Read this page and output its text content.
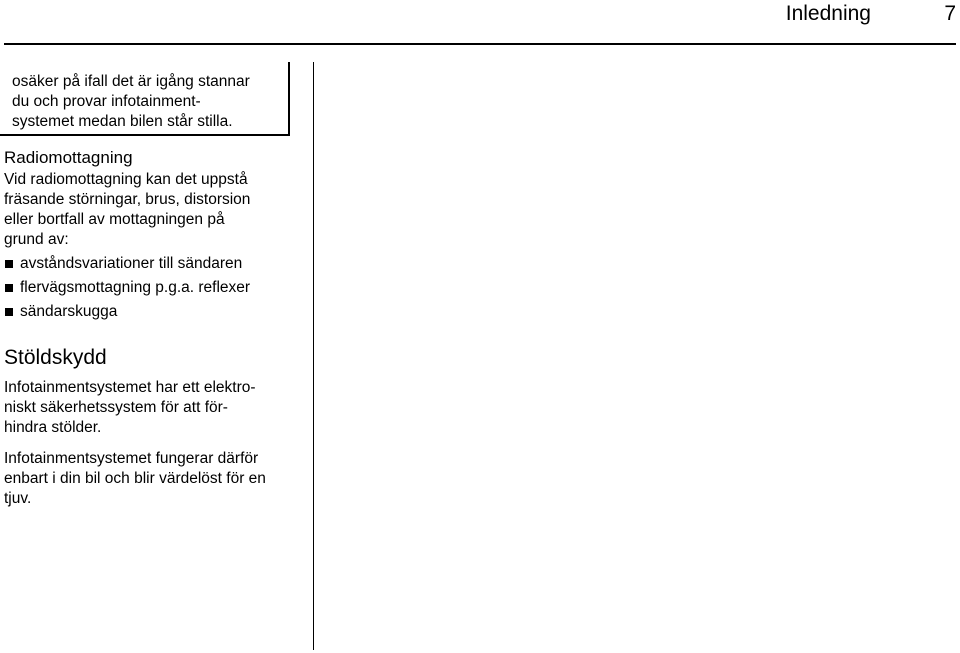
Inledning	7

osäker på ifall det är igång stannar
du och provar infotainment-
systemet medan bilen står stilla.

Radiomottagning

Vid radiomottagning kan det uppstå
fräsande störningar, brus, distorsion
eller bortfall av mottagningen på
grund av:

avståndsvariationer till sändaren
flervägsmottagning p.g.a. reflexer
sändarskugga
Stöldskydd

Infotainmentsystemet har ett elektro-
niskt säkerhetssystem för att för-
hindra stölder.

Infotainmentsystemet fungerar därför
enbart i din bil och blir värdelöst för en
tjuv.
